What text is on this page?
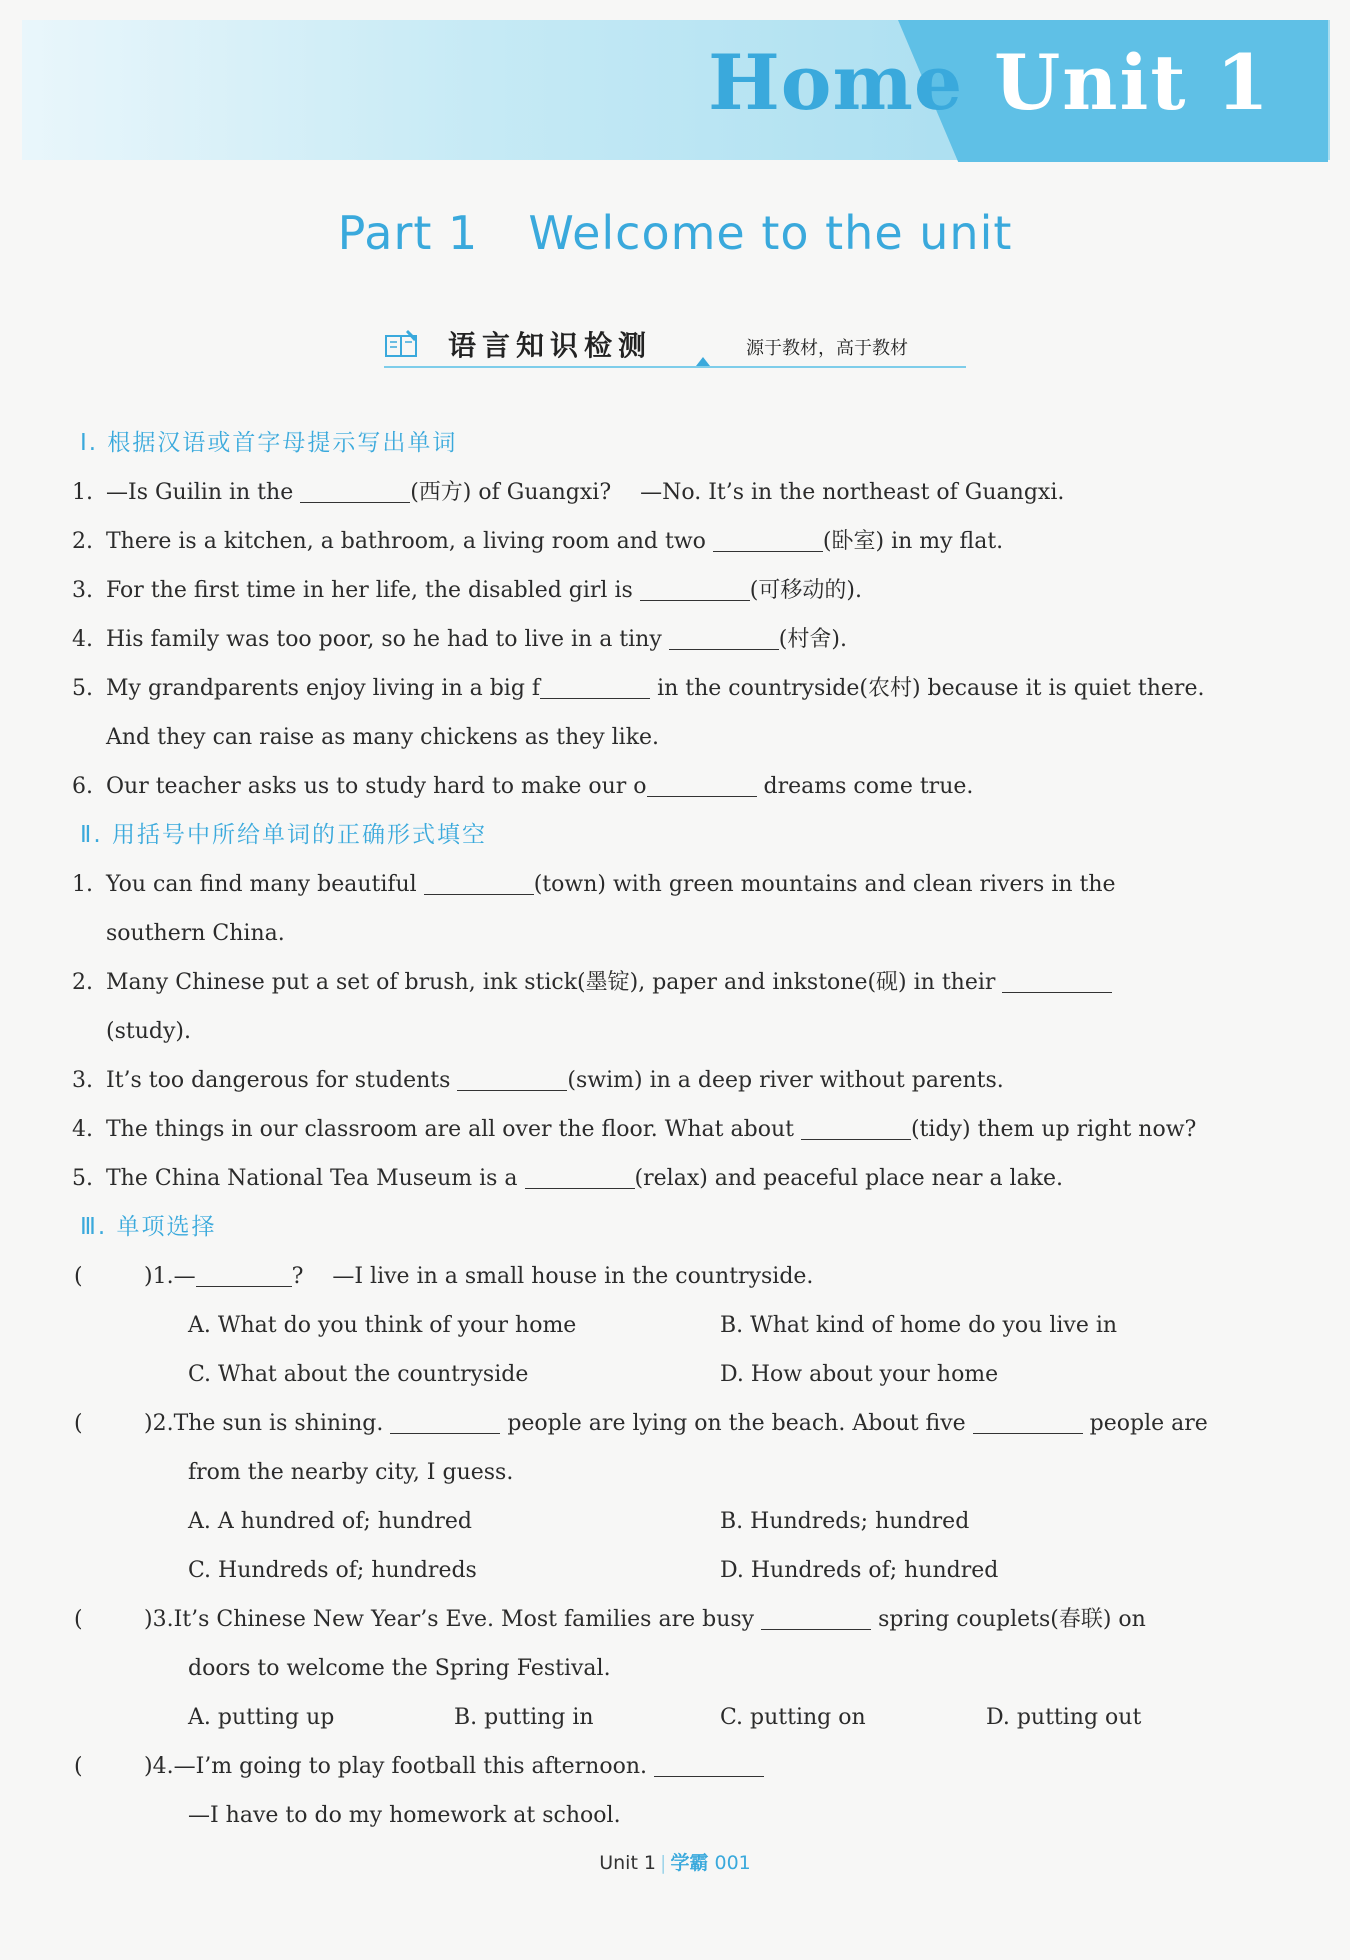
Home Unit 1
Part 1 Welcome to the unit
语言知识检测	源于教材，高于教材
Ⅰ. 根据汉语或首字母提示写出单词
1. —Is Guilin in the	(西方) of Guangxi?　 —No. It’s in the northeast of Guangxi.
2. There is a kitchen, a bathroom, a living room and two	(卧室) in my flat.
3. For the first time in her life, the disabled girl is	(可移动的).
4. His family was too poor, so he had to live in a tiny	(村舍).
5. My grandparents enjoy living in a big f	in the countryside(农村) because it is quiet there.
And they can raise as many chickens as they like.
6. Our teacher asks us to study hard to make our o	dreams come true.
Ⅱ. 用括号中所给单词的正确形式填空
1. You can find many beautiful	(town) with green mountains and clean rivers in the
southern China.
2. Many Chinese put a set of brush, ink stick(墨锭), paper and inkstone(砚) in their
(study).
3. It’s too dangerous for students	(swim) in a deep river without parents.
4. The things in our classroom are all over the floor. What about	(tidy) them up right now?
5. The China National Tea Museum is a	(relax) and peaceful place near a lake.
Ⅲ. 单项选择
(	)1.—	?　 —I live in a small house in the countryside.
A. What do you think of your home	B. What kind of home do you live in
C. What about the countryside	D. How about your home
(	)2.The sun is shining.	people are lying on the beach. About five	people are
from the nearby city, I guess.
A. A hundred of; hundred	B. Hundreds; hundred
C. Hundreds of; hundreds	D. Hundreds of; hundred
(	)3.It’s Chinese New Year’s Eve. Most families are busy	spring couplets(春联) on
doors to welcome the Spring Festival.
A. putting up	B. putting in	C. putting on	D. putting out
(	)4.—I’m going to play football this afternoon.
—I have to do my homework at school.
Unit 1 | 学霸 001
